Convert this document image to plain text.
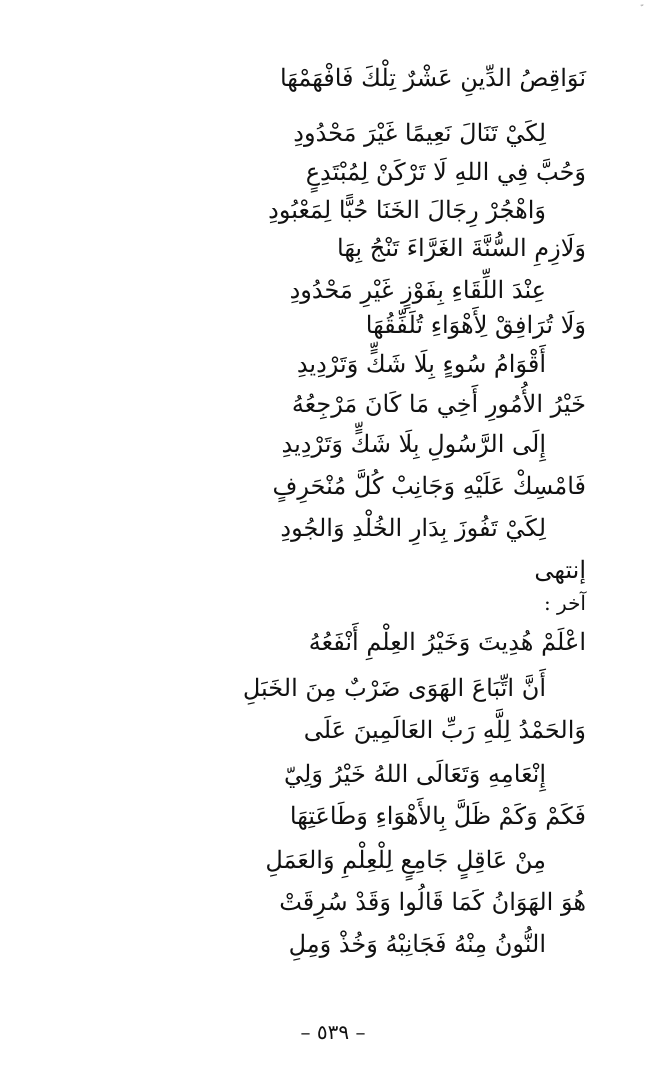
نَوَاقِصُ الدِّينِ عَشْرٌ تِلْكَ فَافْهَمْهَا
لِكَيْ تَنَالَ نَعِيمًا غَيْرَ مَحْدُودِ
وَحُبَّ فِي اللهِ لَا تَرْكَنْ لِمُبْتَدِعٍ
وَاهْجُرْ رِجَالَ الخَنَا حُبًّا لِمَعْبُودِ
وَلَازِمِ السُّنَّةَ الغَرَّاءَ تَنْجُ بِهَا
عِنْدَ اللِّقَاءِ بِفَوْزٍ غَيْرِ مَحْدُودِ
وَلَا تُرَافِقْ لِأَهْوَاءِ تُلَفِّقُهَا
أَقْوَامُ سُوءٍ بِلَا شَكٍّ وَتَرْدِيدِ
خَيْرُ الأُمُورِ أَخِي مَا كَانَ مَرْجِعُهُ
إِلَى الرَّسُولِ بِلَا شَكٍّ وَتَرْدِيدِ
فَامْسِكْ عَلَيْهِ وَجَانِبْ كُلَّ مُنْحَرِفٍ
لِكَيْ تَفُوزَ بِدَارِ الخُلْدِ وَالجُودِ
إنتهى
آخر :
اعْلَمْ هُدِيتَ وَخَيْرُ العِلْمِ أَنْفَعُهُ
أَنَّ اتِّبَاعَ الهَوَى ضَرْبٌ مِنَ الخَبَلِ
وَالحَمْدُ لِلَّهِ رَبِّ العَالَمِينَ عَلَى
إِنْعَامِهِ وَتَعَالَى اللهُ خَيْرُ وَلِيّ
فَكَمْ وَكَمْ ظَلَّ بِالأَهْوَاءِ وَطَاعَتِهَا
مِنْ عَاقِلٍ جَامِعٍ لِلْعِلْمِ وَالعَمَلِ
هُوَ الهَوَانُ كَمَا قَالُوا وَقَدْ سُرِقَتْ
النُّونُ مِنْهُ فَجَانِبْهُ وَخُذْ وَمِلِ
– ٥٣٩ –
